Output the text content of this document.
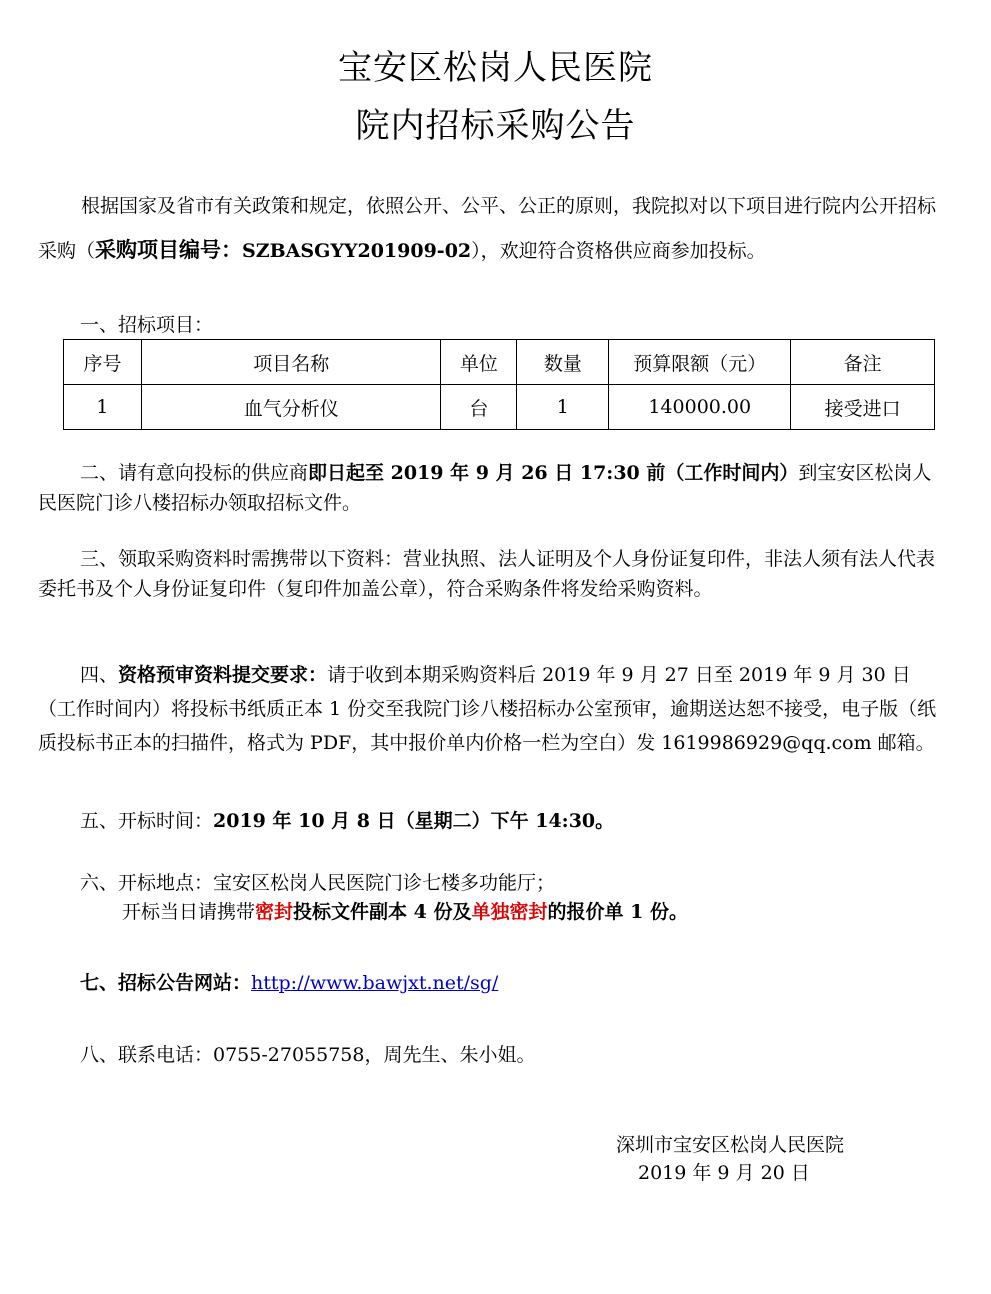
宝安区松岗人民医院
院内招标采购公告
根据国家及省市有关政策和规定，依照公开、公平、公正的原则，我院拟对以下项目进行院内公开招标采购（采购项目编号：SZBASGYY201909-02），欢迎符合资格供应商参加投标。
一、招标项目：
序号	项目名称	单位	数量	预算限额（元）	备注
1	血气分析仪	台	1	140000.00	接受进口
二、请有意向投标的供应商即日起至 2019 年 9 月 26 日 17:30 前（工作时间内）到宝安区松岗人民医院门诊八楼招标办领取招标文件。
三、领取采购资料时需携带以下资料：营业执照、法人证明及个人身份证复印件，非法人须有法人代表委托书及个人身份证复印件（复印件加盖公章），符合采购条件将发给采购资料。
四、资格预审资料提交要求：请于收到本期采购资料后 2019 年 9 月 27 日至 2019 年 9 月 30 日（工作时间内）将投标书纸质正本 1 份交至我院门诊八楼招标办公室预审，逾期送达恕不接受，电子版（纸质投标书正本的扫描件，格式为 PDF，其中报价单内价格一栏为空白）发 1619986929@qq.com 邮箱。
五、开标时间：2019 年 10 月 8 日（星期二）下午 14:30。
六、开标地点：宝安区松岗人民医院门诊七楼多功能厅；
开标当日请携带密封投标文件副本 4 份及单独密封的报价单 1 份。
七、招标公告网站：http://www.bawjxt.net/sg/
八、联系电话：0755-27055758，周先生、朱小姐。
深圳市宝安区松岗人民医院
2019 年 9 月 20 日
